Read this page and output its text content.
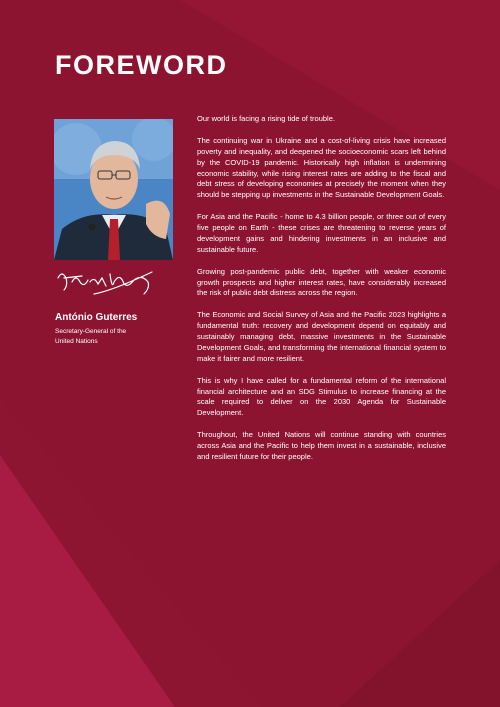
FOREWORD

António Guterres

Secretary-General of the United Nations

Our world is facing a rising tide of trouble.

The continuing war in Ukraine and a cost-of-living crisis have increased poverty and inequality, and deepened the socioeconomic scars left behind by the COVID-19 pandemic. Historically high inflation is undermining economic stability, while rising interest rates are adding to the fiscal and debt stress of developing economies at precisely the moment when they should be stepping up investments in the Sustainable Development Goals.

For Asia and the Pacific - home to 4.3 billion people, or three out of every five people on Earth - these crises are threatening to reverse years of development gains and hindering investments in an inclusive and sustainable future.

Growing post-pandemic public debt, together with weaker economic growth prospects and higher interest rates, have considerably increased the risk of public debt distress across the region.

The Economic and Social Survey of Asia and the Pacific 2023 highlights a fundamental truth: recovery and development depend on equitably and sustainably managing debt, massive investments in the Sustainable Development Goals, and transforming the international financial system to make it fairer and more resilient.

This is why I have called for a fundamental reform of the international financial architecture and an SDG Stimulus to increase financing at the scale required to deliver on the 2030 Agenda for Sustainable Development.

Throughout, the United Nations will continue standing with countries across Asia and the Pacific to help them invest in a sustainable, inclusive and resilient future for their people.
